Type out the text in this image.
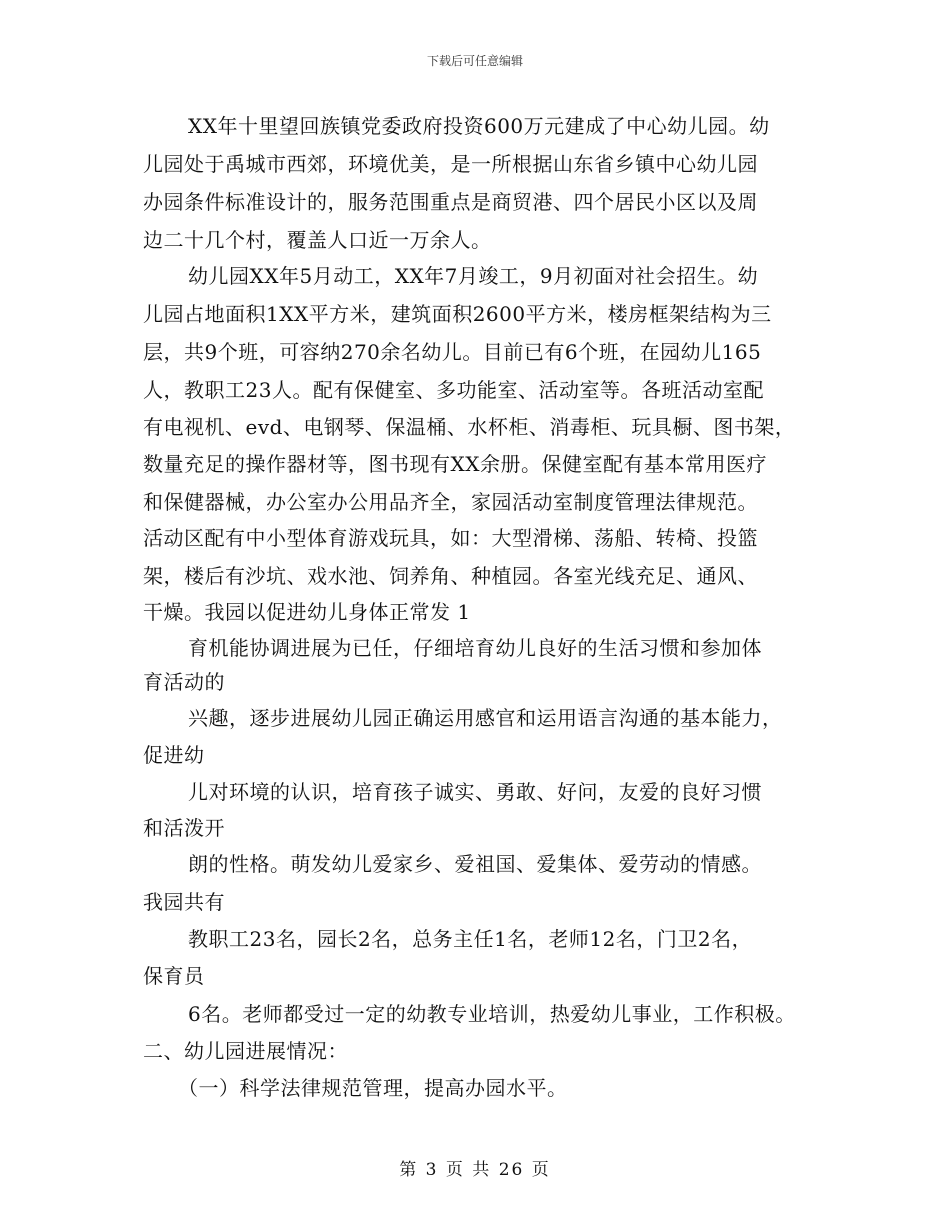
下载后可任意编辑
XX年十里望回族镇党委政府投资600万元建成了中心幼儿园。幼
儿园处于禹城市西郊，环境优美，是一所根据山东省乡镇中心幼儿园
办园条件标准设计的，服务范围重点是商贸港、四个居民小区以及周
边二十几个村，覆盖人口近一万余人。
幼儿园XX年5月动工，XX年7月竣工，9月初面对社会招生。幼
儿园占地面积1XX平方米，建筑面积2600平方米，楼房框架结构为三
层，共9个班，可容纳270余名幼儿。目前已有6个班，在园幼儿165
人，教职工23人。配有保健室、多功能室、活动室等。各班活动室配
有电视机、evd、电钢琴、保温桶、水杯柜、消毒柜、玩具橱、图书架，
数量充足的操作器材等，图书现有XX余册。保健室配有基本常用医疗
和保健器械，办公室办公用品齐全，家园活动室制度管理法律规范。
活动区配有中小型体育游戏玩具，如：大型滑梯、荡船、转椅、投篮
架，楼后有沙坑、戏水池、饲养角、种植园。各室光线充足、通风、
干燥。我园以促进幼儿身体正常发 1
育机能协调进展为已任，仔细培育幼儿良好的生活习惯和参加体
育活动的
兴趣，逐步进展幼儿园正确运用感官和运用语言沟通的基本能力，
促进幼
儿对环境的认识，培育孩子诚实、勇敢、好问，友爱的良好习惯
和活泼开
朗的性格。萌发幼儿爱家乡、爱祖国、爱集体、爱劳动的情感。
我园共有
教职工23名，园长2名，总务主任1名，老师12名，门卫2名，
保育员
6名。老师都受过一定的幼教专业培训，热爱幼儿事业，工作积极。
二、幼儿园进展情况：
（一）科学法律规范管理，提高办园水平。
第 3 页 共 26 页
